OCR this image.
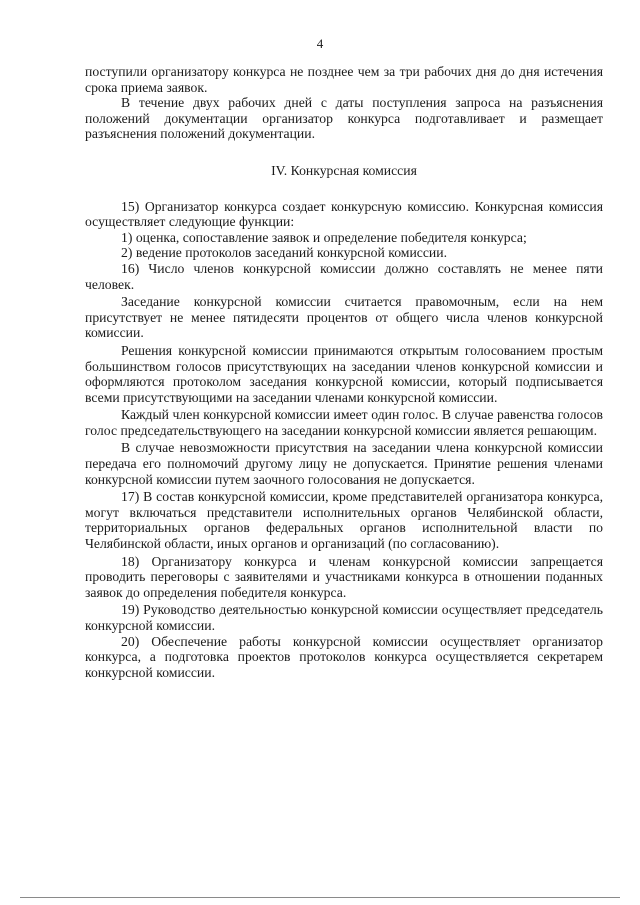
4

поступили организатору конкурса не позднее чем за три рабочих дня до дня истечения срока приема заявок.

В течение двух рабочих дней с даты поступления запроса на разъяснения положений документации организатор конкурса подготавливает и размещает разъяснения положений документации.

IV. Конкурсная комиссия

15) Организатор конкурса создает конкурсную комиссию. Конкурсная комиссия осуществляет следующие функции:

1) оценка, сопоставление заявок и определение победителя конкурса;

2) ведение протоколов заседаний конкурсной комиссии.

16) Число членов конкурсной комиссии должно составлять не менее пяти человек.

Заседание конкурсной комиссии считается правомочным, если на нем присутствует не менее пятидесяти процентов от общего числа членов конкурсной комиссии.

Решения конкурсной комиссии принимаются открытым голосованием простым большинством голосов присутствующих на заседании членов конкурсной комиссии и оформляются протоколом заседания конкурсной комиссии, который подписывается всеми присутствующими на заседании членами конкурсной комиссии.

Каждый член конкурсной комиссии имеет один голос. В случае равенства голосов голос председательствующего на заседании конкурсной комиссии является решающим.

В случае невозможности присутствия на заседании члена конкурсной комиссии передача его полномочий другому лицу не допускается. Принятие решения членами конкурсной комиссии путем заочного голосования не допускается.

17) В состав конкурсной комиссии, кроме представителей организатора конкурса, могут включаться представители исполнительных органов Челябинской области, территориальных органов федеральных органов исполнительной власти по Челябинской области, иных органов и организаций (по согласованию).

18) Организатору конкурса и членам конкурсной комиссии запрещается проводить переговоры с заявителями и участниками конкурса в отношении поданных заявок до определения победителя конкурса.

19) Руководство деятельностью конкурсной комиссии осуществляет председатель конкурсной комиссии.

20) Обеспечение работы конкурсной комиссии осуществляет организатор конкурса, а подготовка проектов протоколов конкурса осуществляется секретарем конкурсной комиссии.
